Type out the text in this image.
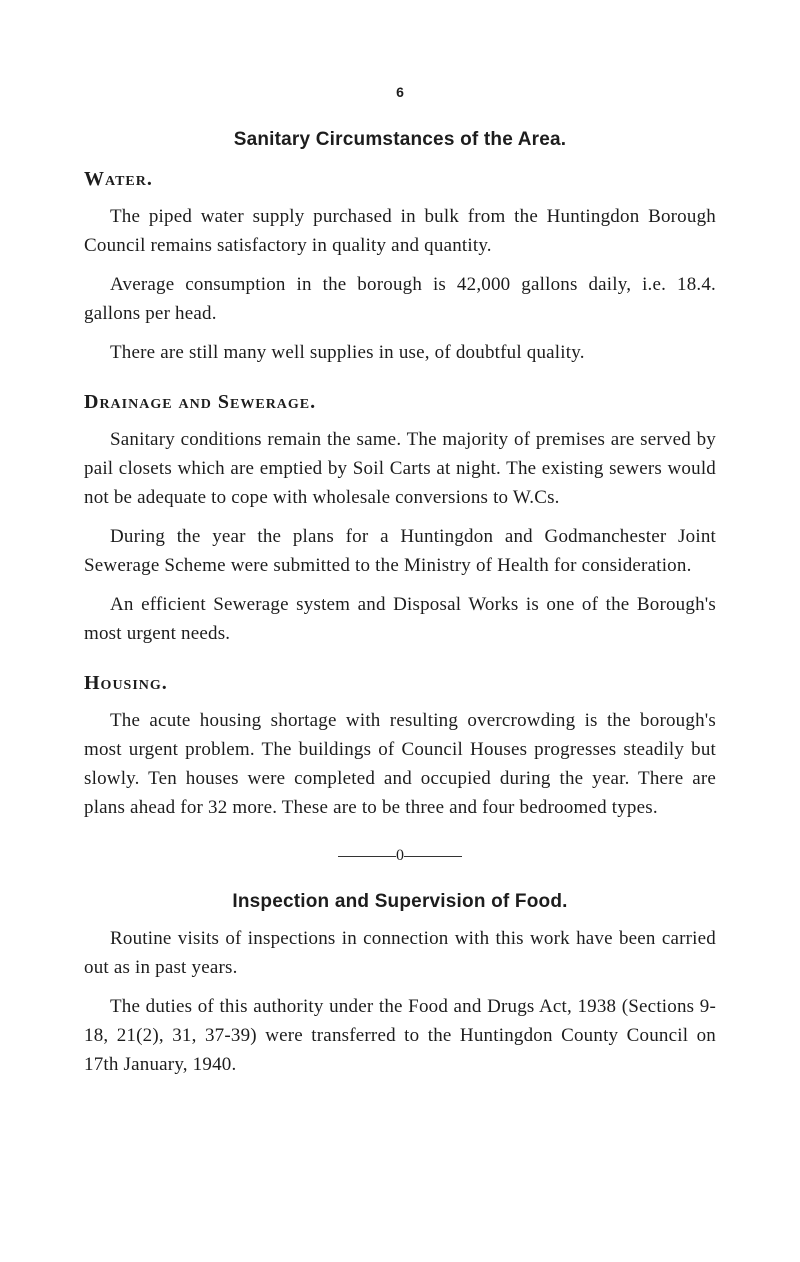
6
Sanitary Circumstances of the Area.
Water.

The piped water supply purchased in bulk from the Huntingdon Borough Council remains satisfactory in quality and quantity.

Average consumption in the borough is 42,000 gallons daily, i.e. 18.4. gallons per head.

There are still many well supplies in use, of doubtful quality.

Drainage and Sewerage.

Sanitary conditions remain the same. The majority of premises are served by pail closets which are emptied by Soil Carts at night. The existing sewers would not be adequate to cope with wholesale conversions to W.Cs.

During the year the plans for a Huntingdon and Godmanchester Joint Sewerage Scheme were submitted to the Ministry of Health for consideration.

An efficient Sewerage system and Disposal Works is one of the Borough's most urgent needs.

Housing.

The acute housing shortage with resulting overcrowding is the borough's most urgent problem. The buildings of Council Houses progresses steadily but slowly. Ten houses were completed and occupied during the year. There are plans ahead for 32 more. These are to be three and four bedroomed types.

0

Inspection and Supervision of Food.

Routine visits of inspections in connection with this work have been carried out as in past years.

The duties of this authority under the Food and Drugs Act, 1938 (Sections 9-18, 21(2), 31, 37-39) were transferred to the Huntingdon County Council on 17th January, 1940.
